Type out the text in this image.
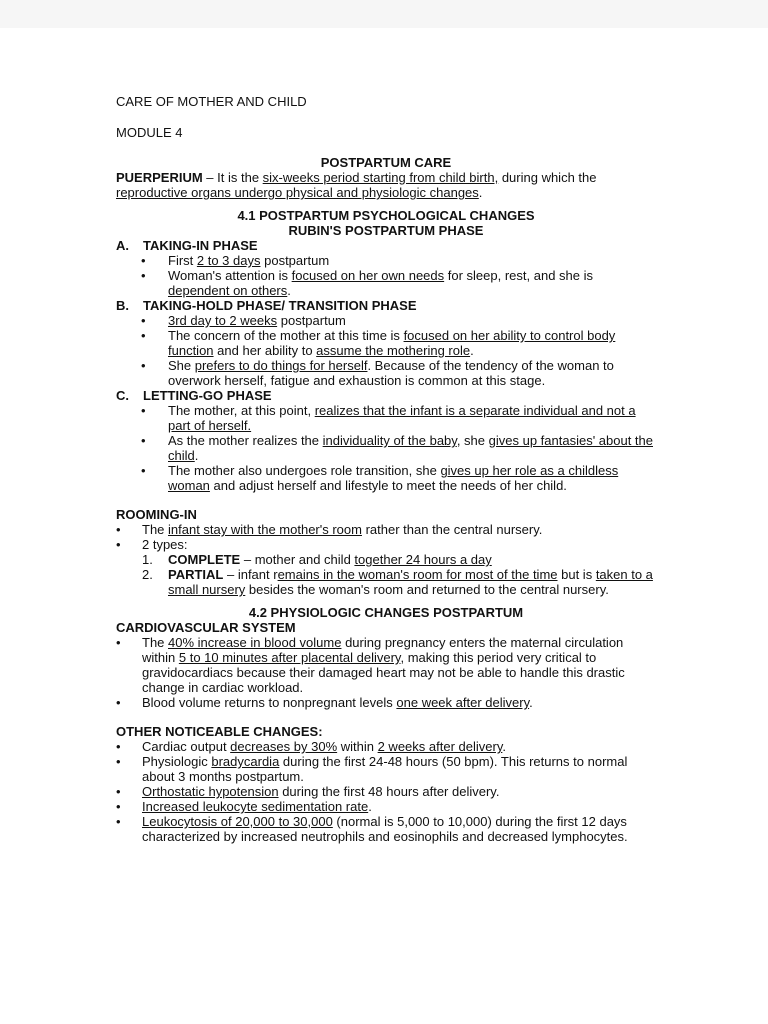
CARE OF MOTHER AND CHILD

MODULE 4

POSTPARTUM CARE

PUERPERIUM – It is the six-weeks period starting from child birth, during which the reproductive organs undergo physical and physiologic changes.

4.1 POSTPARTUM PSYCHOLOGICAL CHANGES

RUBIN'S POSTPARTUM PHASE

A. TAKING-IN PHASE

• First 2 to 3 days postpartum
• Woman's attention is focused on her own needs for sleep, rest, and she is dependent on others.

B. TAKING-HOLD PHASE/ TRANSITION PHASE

• 3rd day to 2 weeks postpartum
• The concern of the mother at this time is focused on her ability to control body function and her ability to assume the mothering role.
• She prefers to do things for herself. Because of the tendency of the woman to overwork herself, fatigue and exhaustion is common at this stage.

C. LETTING-GO PHASE

• The mother, at this point, realizes that the infant is a separate individual and not a part of herself.
• As the mother realizes the individuality of the baby, she gives up fantasies' about the child.
• The mother also undergoes role transition, she gives up her role as a childless woman and adjust herself and lifestyle to meet the needs of her child.

ROOMING-IN

• The infant stay with the mother's room rather than the central nursery.
• 2 types:
1. COMPLETE – mother and child together 24 hours a day
2. PARTIAL – infant remains in the woman's room for most of the time but is taken to a small nursery besides the woman's room and returned to the central nursery.

4.2 PHYSIOLOGIC CHANGES POSTPARTUM

CARDIOVASCULAR SYSTEM

• The 40% increase in blood volume during pregnancy enters the maternal circulation within 5 to 10 minutes after placental delivery, making this period very critical to gravidocardiacs because their damaged heart may not be able to handle this drastic change in cardiac workload.
• Blood volume returns to nonpregnant levels one week after delivery.

OTHER NOTICEABLE CHANGES:

• Cardiac output decreases by 30% within 2 weeks after delivery.
• Physiologic bradycardia during the first 24-48 hours (50 bpm). This returns to normal about 3 months postpartum.
• Orthostatic hypotension during the first 48 hours after delivery.
• Increased leukocyte sedimentation rate.
• Leukocytosis of 20,000 to 30,000 (normal is 5,000 to 10,000) during the first 12 days characterized by increased neutrophils and eosinophils and decreased lymphocytes.
